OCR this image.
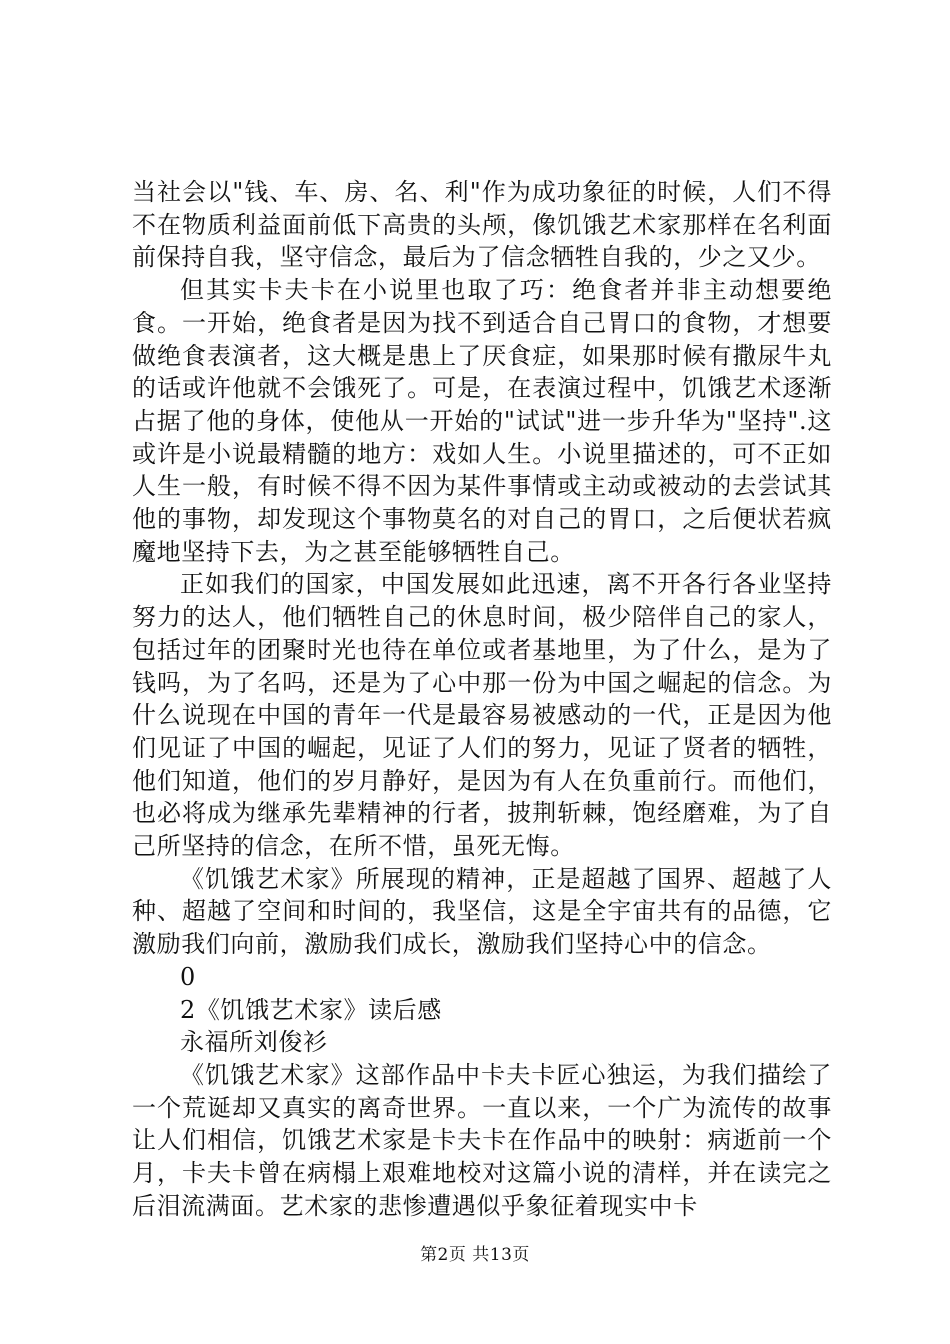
当社会以"钱、车、房、名、利"作为成功象征的时候，人们不得不在物质利益面前低下高贵的头颅，像饥饿艺术家那样在名利面前保持自我，坚守信念，最后为了信念牺牲自我的，少之又少。

但其实卡夫卡在小说里也取了巧：绝食者并非主动想要绝食。一开始，绝食者是因为找不到适合自己胃口的食物，才想要做绝食表演者，这大概是患上了厌食症，如果那时候有撒尿牛丸的话或许他就不会饿死了。可是，在表演过程中，饥饿艺术逐渐占据了他的身体，使他从一开始的"试试"进一步升华为"坚持".这或许是小说最精髓的地方：戏如人生。小说里描述的，可不正如人生一般，有时候不得不因为某件事情或主动或被动的去尝试其他的事物，却发现这个事物莫名的对自己的胃口，之后便状若疯魔地坚持下去，为之甚至能够牺牲自己。

正如我们的国家，中国发展如此迅速，离不开各行各业坚持努力的达人，他们牺牲自己的休息时间，极少陪伴自己的家人，包括过年的团聚时光也待在单位或者基地里，为了什么，是为了钱吗，为了名吗，还是为了心中那一份为中国之崛起的信念。为什么说现在中国的青年一代是最容易被感动的一代，正是因为他们见证了中国的崛起，见证了人们的努力，见证了贤者的牺牲，他们知道，他们的岁月静好，是因为有人在负重前行。而他们，也必将成为继承先辈精神的行者，披荆斩棘，饱经磨难，为了自己所坚持的信念，在所不惜，虽死无悔。

《饥饿艺术家》所展现的精神，正是超越了国界、超越了人种、超越了空间和时间的，我坚信，这是全宇宙共有的品德，它激励我们向前，激励我们成长，激励我们坚持心中的信念。

0

2《饥饿艺术家》读后感

永福所刘俊衫

《饥饿艺术家》这部作品中卡夫卡匠心独运，为我们描绘了一个荒诞却又真实的离奇世界。一直以来，一个广为流传的故事让人们相信，饥饿艺术家是卡夫卡在作品中的映射：病逝前一个月，卡夫卡曾在病榻上艰难地校对这篇小说的清样，并在读完之后泪流满面。艺术家的悲惨遭遇似乎象征着现实中卡

第2页 共13页
